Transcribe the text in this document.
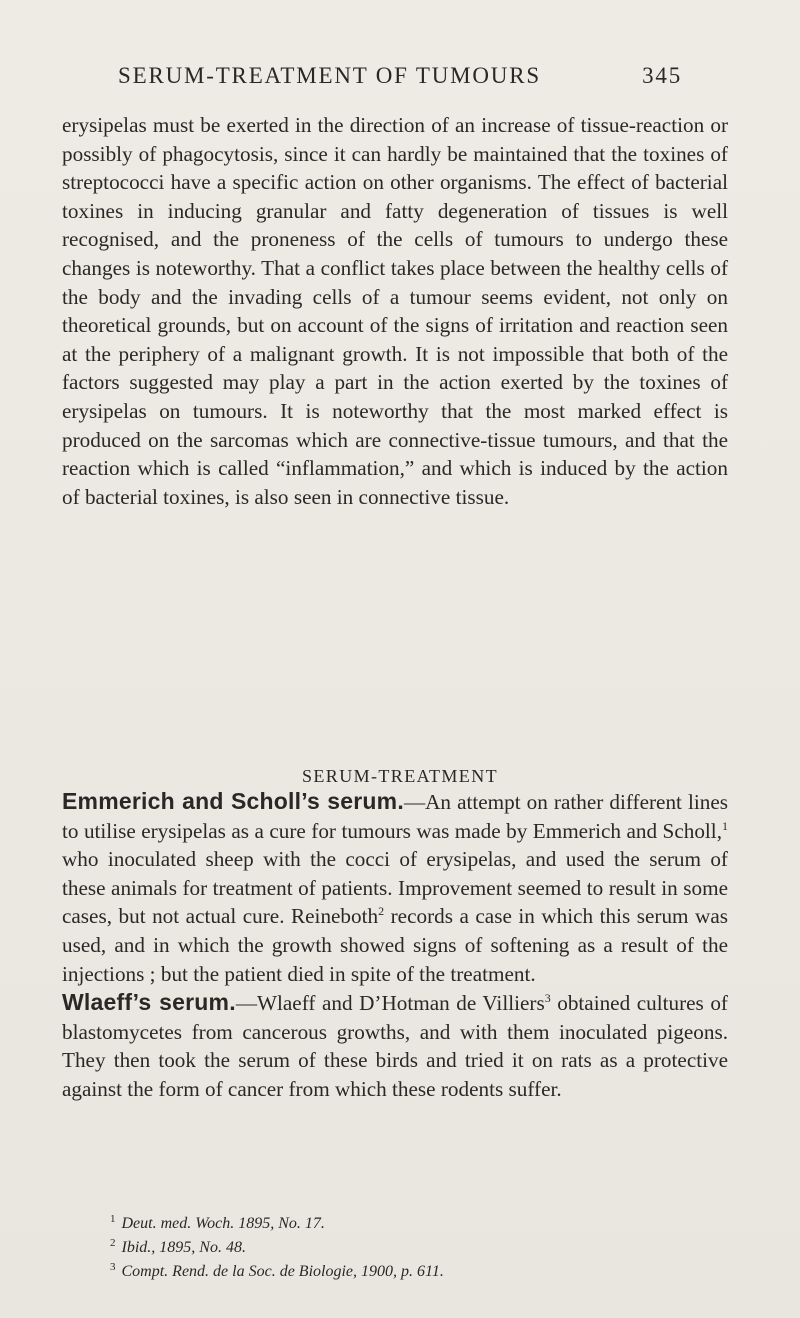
SERUM-TREATMENT OF TUMOURS	345

erysipelas must be exerted in the direction of an increase of tissue-reaction or possibly of phagocytosis, since it can hardly be maintained that the toxines of streptococci have a specific action on other organisms. The effect of bacterial toxines in inducing granular and fatty degeneration of tissues is well recognised, and the proneness of the cells of tumours to undergo these changes is noteworthy. That a conflict takes place between the healthy cells of the body and the invading cells of a tumour seems evident, not only on theoretical grounds, but on account of the signs of irritation and reaction seen at the periphery of a malignant growth. It is not impossible that both of the factors suggested may play a part in the action exerted by the toxines of erysipelas on tumours. It is noteworthy that the most marked effect is produced on the sarcomas which are connective-tissue tumours, and that the reaction which is called “inflammation,” and which is induced by the action of bacterial toxines, is also seen in connective tissue.

SERUM-TREATMENT

Emmerich and Scholl’s serum.—An attempt on rather different lines to utilise erysipelas as a cure for tumours was made by Emmerich and Scholl,$^1$ who inoculated sheep with the cocci of erysipelas, and used the serum of these animals for treatment of patients. Improvement seemed to result in some cases, but not actual cure. Reineboth$^2$ records a case in which this serum was used, and in which the growth showed signs of softening as a result of the injections ; but the patient died in spite of the treatment.

Wlaeff’s serum.—Wlaeff and D’Hotman de Villiers$^3$ obtained cultures of blastomycetes from cancerous growths, and with them inoculated pigeons. They then took the serum of these birds and tried it on rats as a protective against the form of cancer from which these rodents suffer.

$^1$ Deut. med. Woch. 1895, No. 17.
$^2$ Ibid., 1895, No. 48.
$^3$ Compt. Rend. de la Soc. de Biologie, 1900, p. 611.
